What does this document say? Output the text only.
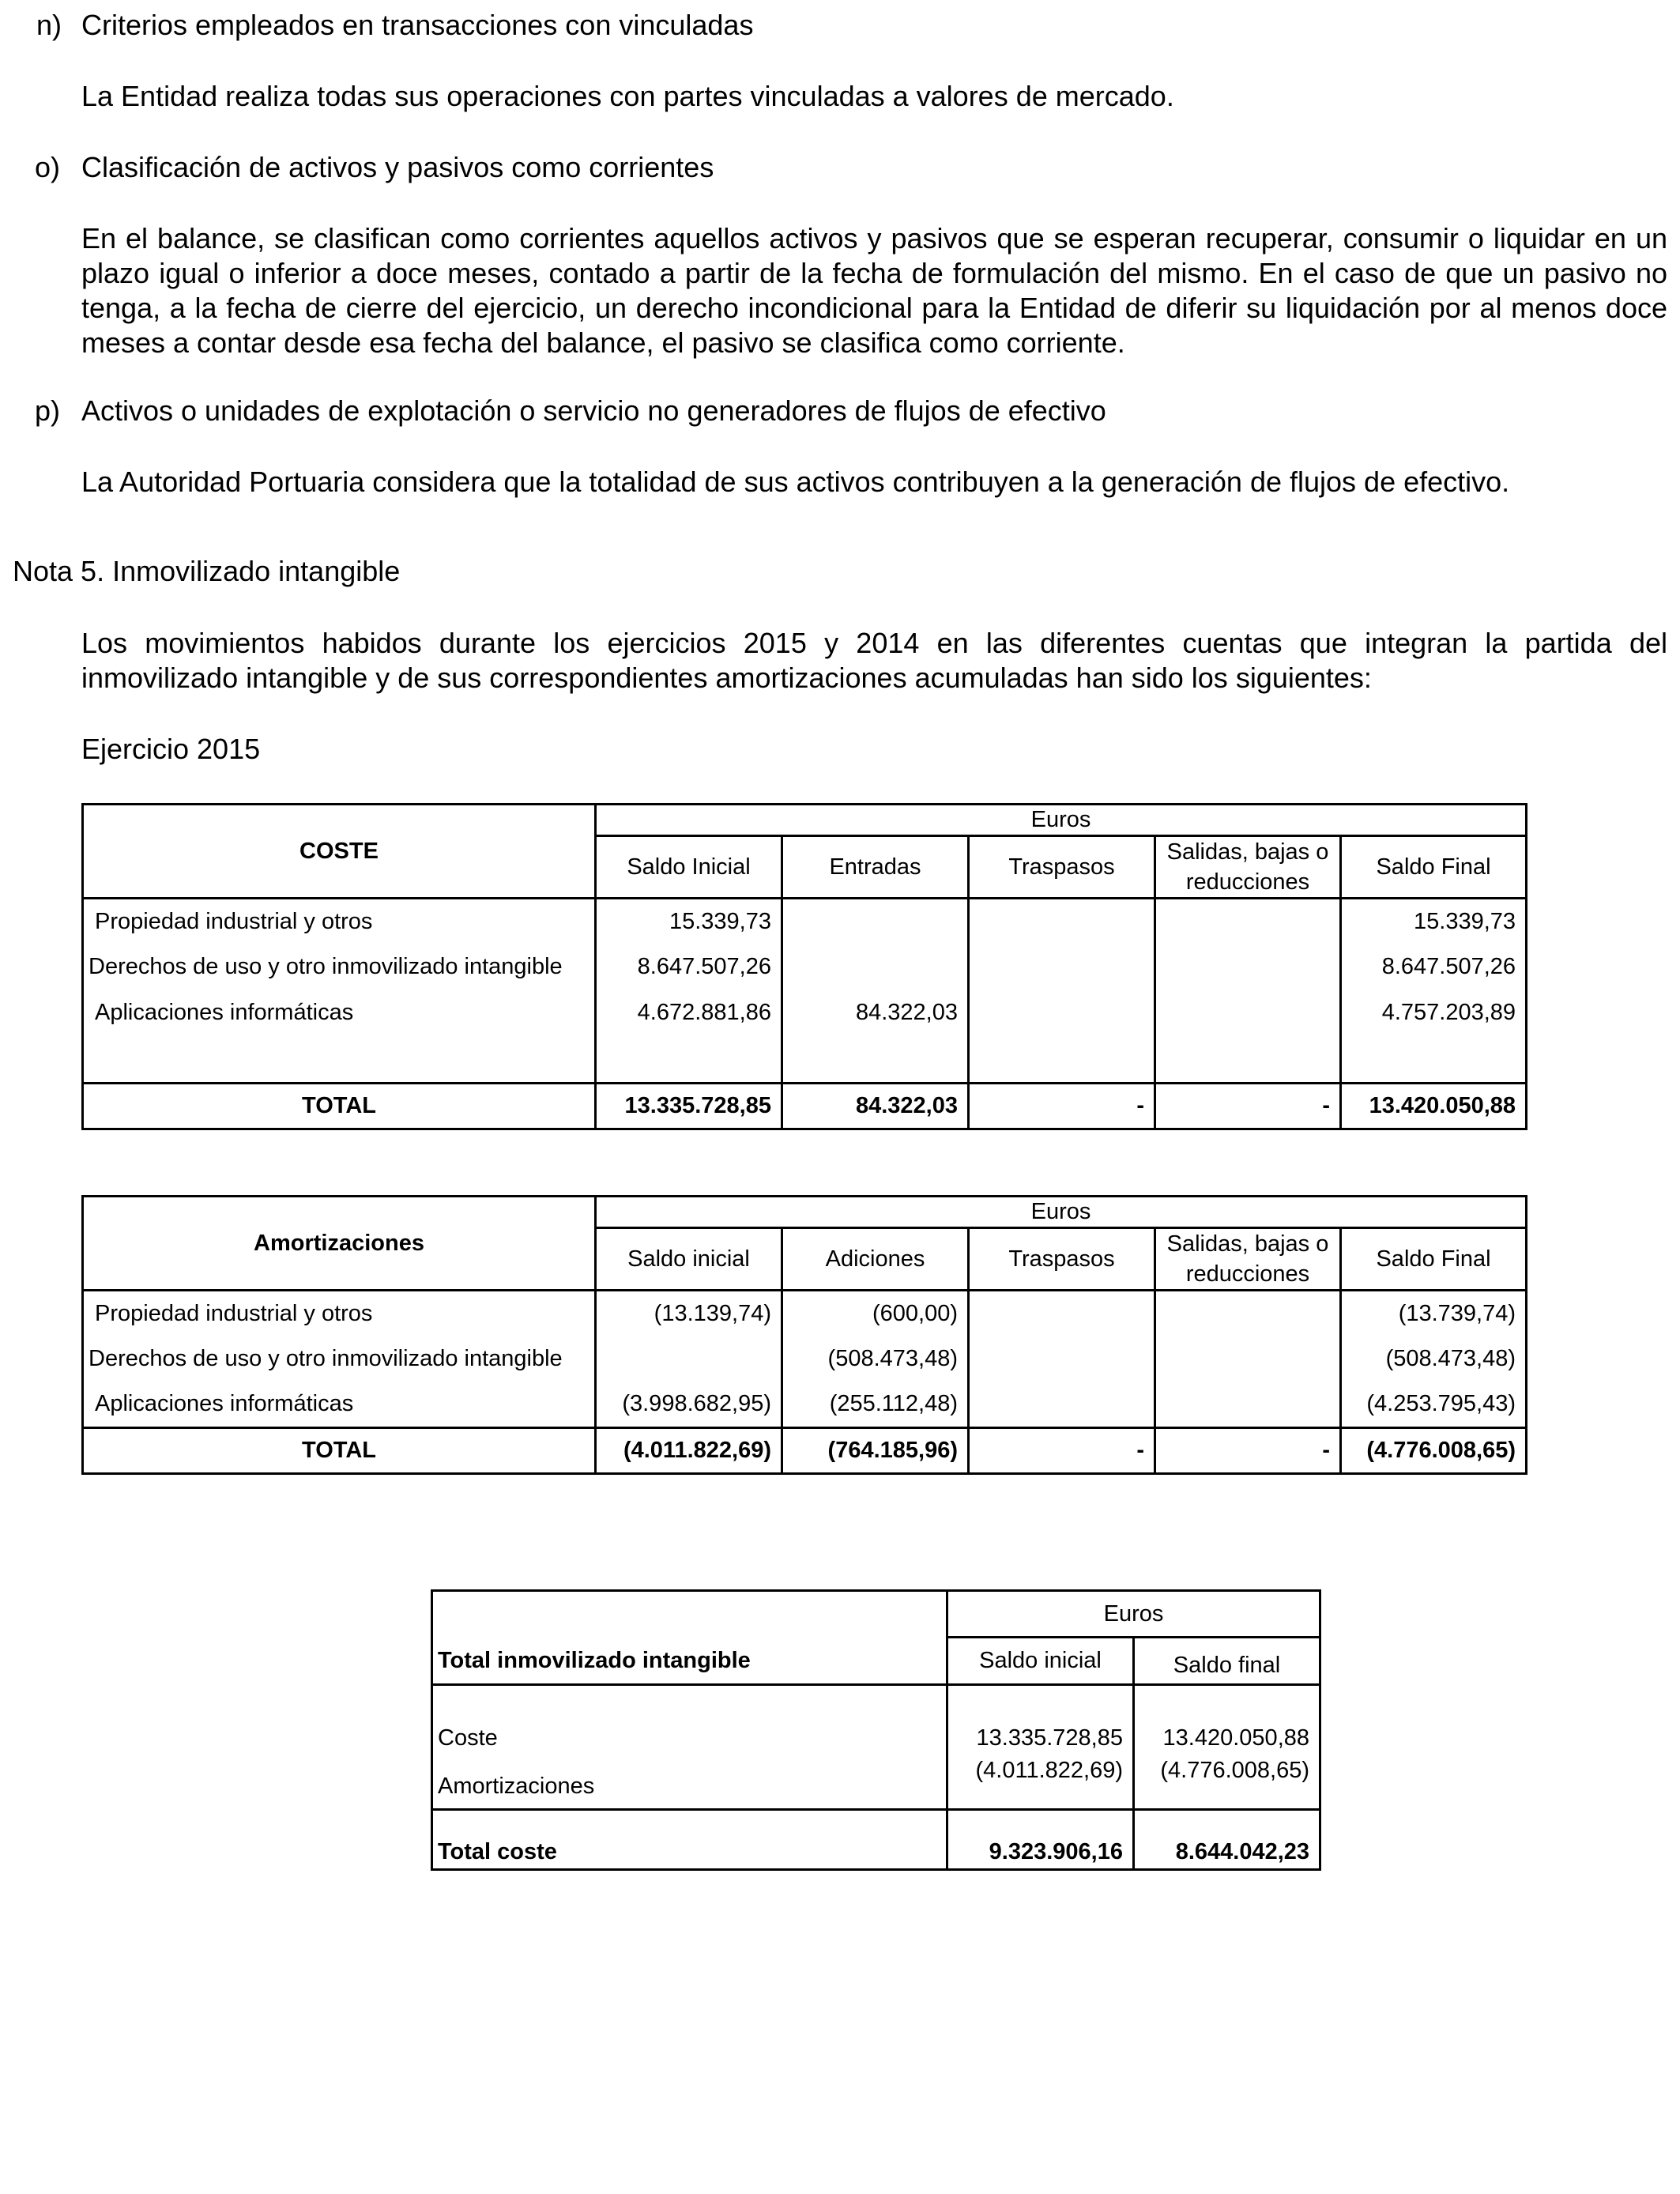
n) Criterios empleados en transacciones con vinculadas
La Entidad realiza todas sus operaciones con partes vinculadas a valores de mercado.
o) Clasificación de activos y pasivos como corrientes
En el balance, se clasifican como corrientes aquellos activos y pasivos que se esperan recuperar, consumir o liquidar en un plazo igual o inferior a doce meses, contado a partir de la fecha de formulación del mismo. En el caso de que un pasivo no tenga, a la fecha de cierre del ejercicio, un derecho incondicional para la Entidad de diferir su liquidación por al menos doce meses a contar desde esa fecha del balance, el pasivo se clasifica como corriente.
p) Activos o unidades de explotación o servicio no generadores de flujos de efectivo
La Autoridad Portuaria considera que la totalidad de sus activos contribuyen a la generación de flujos de efectivo.
Nota 5. Inmovilizado intangible
Los movimientos habidos durante los ejercicios 2015 y 2014 en las diferentes cuentas que integran la partida del inmovilizado intangible y de sus correspondientes amortizaciones acumuladas han sido los siguientes:
Ejercicio 2015
COSTE	Euros				
	Saldo Inicial	Entradas	Traspasos	Salidas, bajas o reducciones	Saldo Final
Propiedad industrial y otros	15.339,73				15.339,73
Derechos de uso y otro inmovilizado intangible	8.647.507,26				8.647.507,26
Aplicaciones informáticas	4.672.881,86	84.322,03			4.757.203,89

TOTAL	13.335.728,85	84.322,03	-	-	13.420.050,88
Amortizaciones	Euros				
	Saldo inicial	Adiciones	Traspasos	Salidas, bajas o reducciones	Saldo Final
Propiedad industrial y otros	(13.139,74)	(600,00)			(13.739,74)
Derechos de uso y otro inmovilizado intangible		(508.473,48)			(508.473,48)
Aplicaciones informáticas	(3.998.682,95)	(255.112,48)			(4.253.795,43)
TOTAL	(4.011.822,69)	(764.185,96)	-	-	(4.776.008,65)
Total inmovilizado intangible	Euros	
	Saldo inicial	Saldo final
Coste	13.335.728,85	13.420.050,88
Amortizaciones	(4.011.822,69)	(4.776.008,65)
Total coste	9.323.906,16	8.644.042,23
